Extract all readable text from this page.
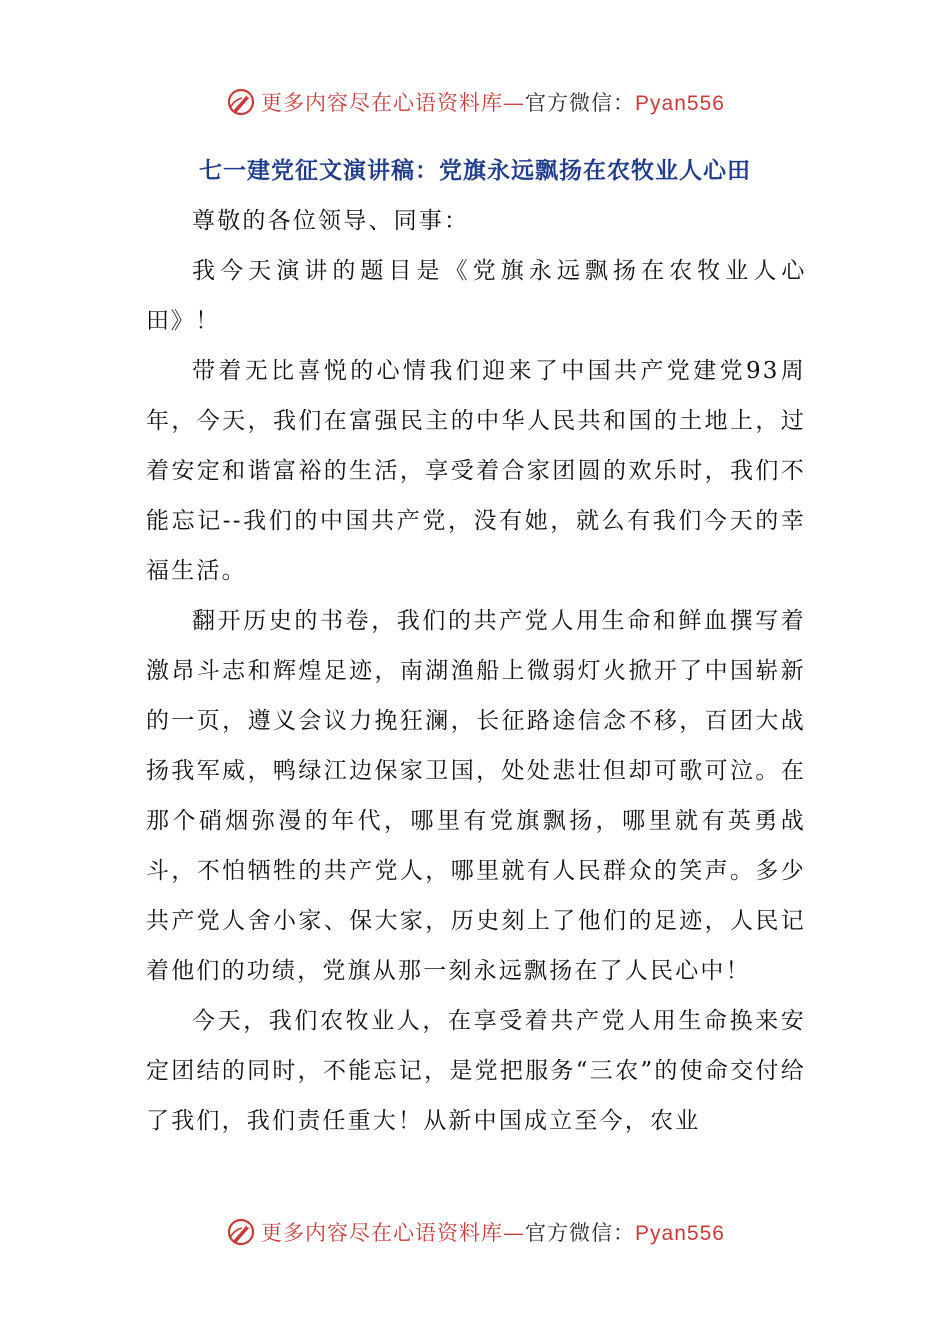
更多内容尽在心语资料库—官方微信：Pyan556
七一建党征文演讲稿：党旗永远飘扬在农牧业人心田

尊敬的各位领导、同事：

我今天演讲的题目是《党旗永远飘扬在农牧业人心田》！

带着无比喜悦的心情我们迎来了中国共产党建党93周年，今天，我们在富强民主的中华人民共和国的土地上，过着安定和谐富裕的生活，享受着合家团圆的欢乐时，我们不能忘记--我们的中国共产党，没有她，就么有我们今天的幸福生活。

翻开历史的书卷，我们的共产党人用生命和鲜血撰写着激昂斗志和辉煌足迹，南湖渔船上微弱灯火掀开了中国崭新的一页，遵义会议力挽狂澜，长征路途信念不移，百团大战扬我军威，鸭绿江边保家卫国，处处悲壮但却可歌可泣。在那个硝烟弥漫的年代，哪里有党旗飘扬，哪里就有英勇战斗，不怕牺牲的共产党人，哪里就有人民群众的笑声。多少共产党人舍小家、保大家，历史刻上了他们的足迹，人民记着他们的功绩，党旗从那一刻永远飘扬在了人民心中！

今天，我们农牧业人，在享受着共产党人用生命换来安定团结的同时，不能忘记，是党把服务“三农”的使命交付给了我们，我们责任重大！从新中国成立至今，农业

更多内容尽在心语资料库—官方微信：Pyan556
